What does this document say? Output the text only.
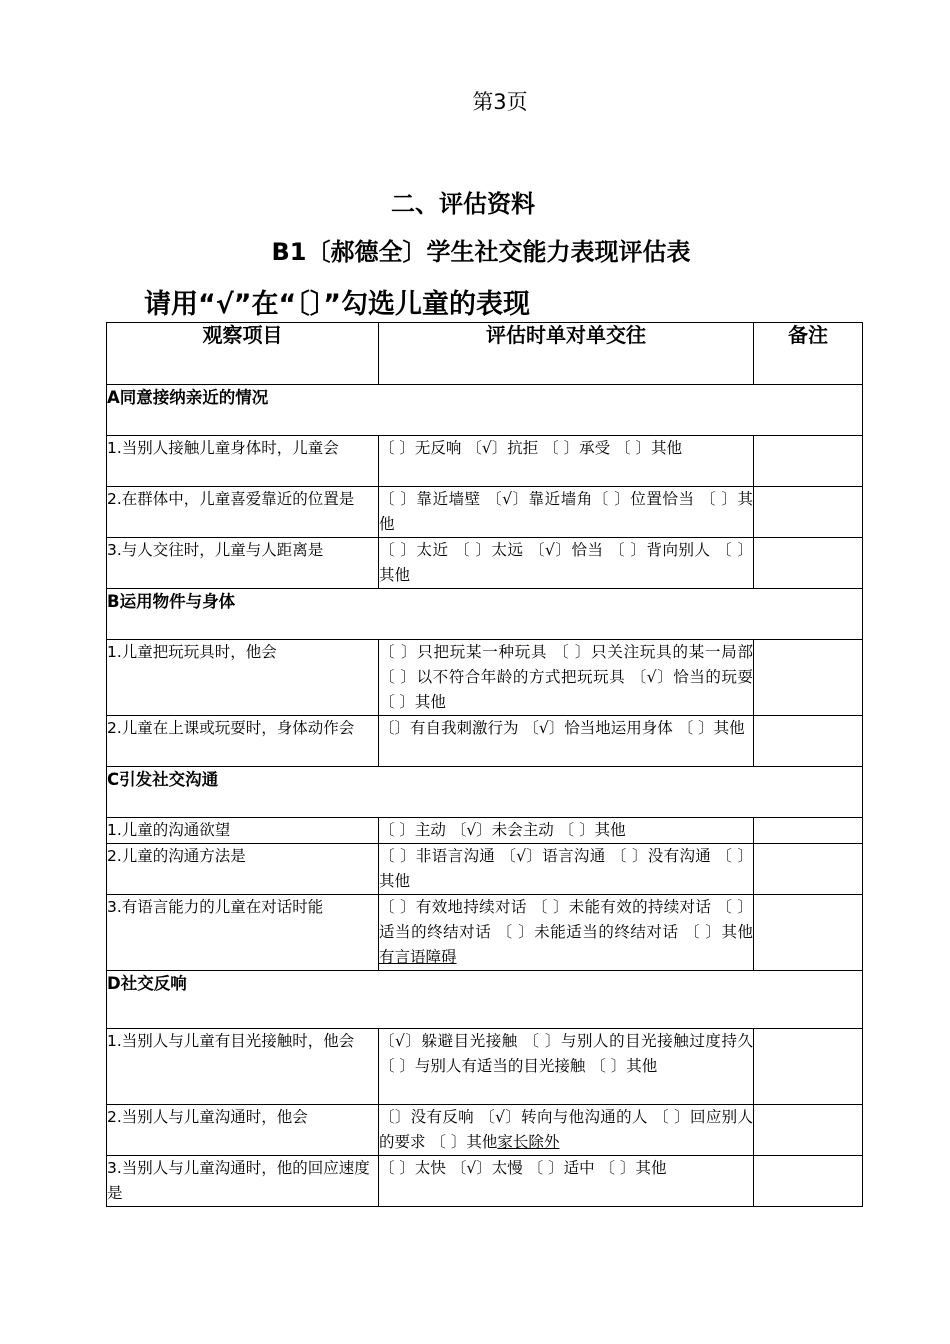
第3页
二、评估资料
B1〔郝德全〕学生社交能力表现评估表
请用“√”在“〔〕”勾选儿童的表现
观察项目	评估时单对单交往	备注
A同意接纳亲近的情况		
1.当别人接触儿童身体时，儿童会	〔 〕无反响 〔√〕抗拒 〔 〕承受 〔 〕其他	
2.在群体中，儿童喜爱靠近的位置是	〔 〕靠近墙壁 〔√〕靠近墙角〔 〕位置恰当 〔 〕其他	
3.与人交往时，儿童与人距离是	〔 〕太近 〔 〕太远 〔√〕恰当 〔 〕背向别人 〔 〕其他	
B运用物件与身体		
1.儿童把玩玩具时，他会	〔 〕只把玩某一种玩具 〔 〕只关注玩具的某一局部 〔 〕以不符合年龄的方式把玩玩具 〔√〕恰当的玩耍 〔 〕其他	
2.儿童在上课或玩耍时，身体动作会	〔〕有自我刺激行为 〔√〕恰当地运用身体 〔 〕其他	
C引发社交沟通		
1.儿童的沟通欲望	〔 〕主动 〔√〕未会主动 〔 〕其他	
2.儿童的沟通方法是	〔 〕非语言沟通 〔√〕语言沟通 〔 〕没有沟通 〔 〕其他	
3.有语言能力的儿童在对话时能	〔 〕有效地持续对话 〔 〕未能有效的持续对话 〔 〕适当的终结对话 〔 〕未能适当的终结对话 〔 〕其他有言语障碍	
D社交反响		
1.当别人与儿童有目光接触时，他会	〔√〕躲避目光接触 〔 〕与别人的目光接触过度持久〔 〕与别人有适当的目光接触 〔 〕其他	
2.当别人与儿童沟通时，他会	〔〕没有反响 〔√〕转向与他沟通的人 〔 〕回应别人的要求 〔 〕其他家长除外	
3.当别人与儿童沟通时，他的回应速度是	〔 〕太快 〔√〕太慢 〔 〕适中 〔 〕其他	
